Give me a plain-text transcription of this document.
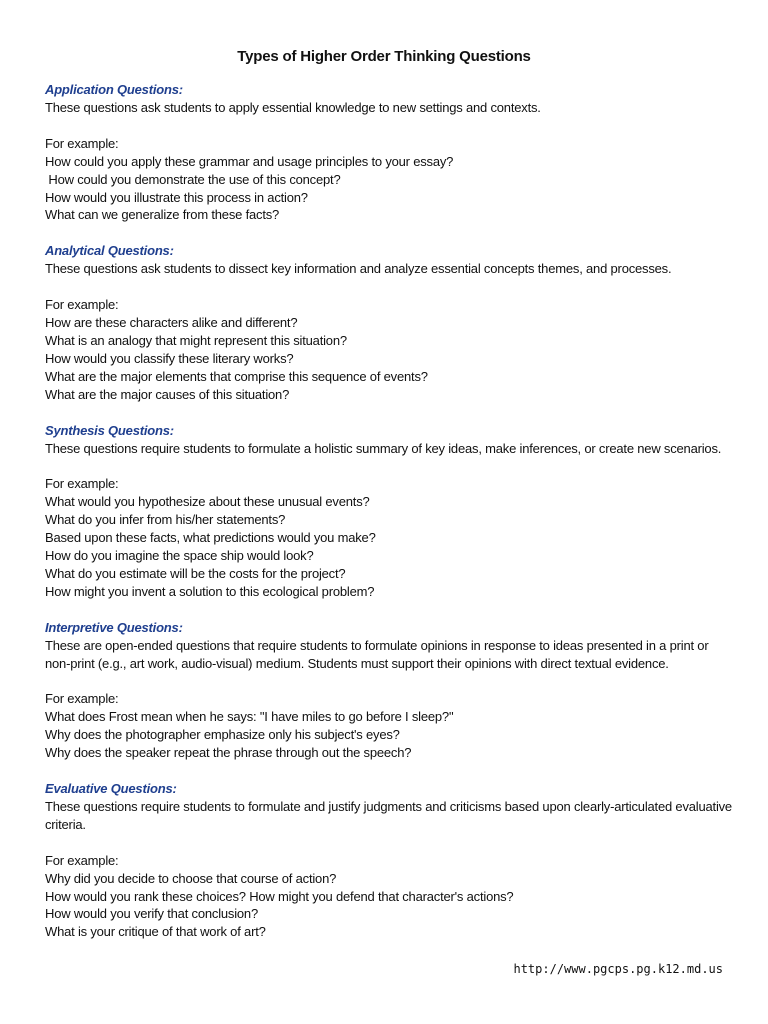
Types of Higher Order Thinking Questions
Application Questions:
These questions ask students to apply essential knowledge to new settings and contexts.
For example:
How could you apply these grammar and usage principles to your essay?
How could you demonstrate the use of this concept?
How would you illustrate this process in action?
What can we generalize from these facts?
Analytical Questions:
These questions ask students to dissect key information and analyze essential concepts themes, and processes.
For example:
How are these characters alike and different?
What is an analogy that might represent this situation?
How would you classify these literary works?
What are the major elements that comprise this sequence of events?
What are the major causes of this situation?
Synthesis Questions:
These questions require students to formulate a holistic summary of key ideas, make inferences, or create new scenarios.
For example:
What would you hypothesize about these unusual events?
What do you infer from his/her statements?
Based upon these facts, what predictions would you make?
How do you imagine the space ship would look?
What do you estimate will be the costs for the project?
How might you invent a solution to this ecological problem?
Interpretive Questions:
These are open-ended questions that require students to formulate opinions in response to ideas presented in a print or
non-print (e.g., art work, audio-visual) medium. Students must support their opinions with direct textual evidence.
For example:
What does Frost mean when he says: "I have miles to go before I sleep?"
Why does the photographer emphasize only his subject's eyes?
Why does the speaker repeat the phrase through out the speech?
Evaluative Questions:
These questions require students to formulate and justify judgments and criticisms based upon clearly-articulated evaluative
criteria.
For example:
Why did you decide to choose that course of action?
How would you rank these choices? How might you defend that character's actions?
How would you verify that conclusion?
What is your critique of that work of art?
http://www.pgcps.pg.k12.md.us
